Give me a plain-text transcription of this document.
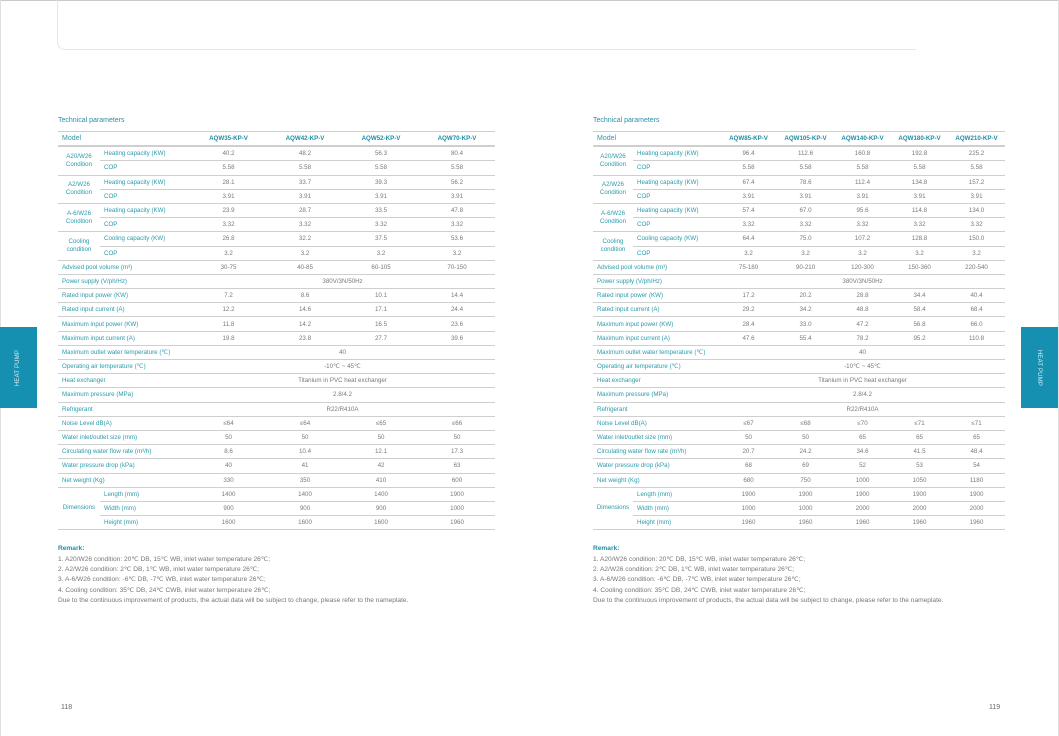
HEAT PUMP	HEAT PUMP
Technical parameters
Model		AQW35-KP-V	AQW42-KP-V	AQW52-KP-V	AQW70-KP-V
A20/W26 Condition	Heating capacity (KW)	40.2	48.2	56.3	80.4
	COP	5.58	5.58	5.58	5.58
A2/W26 Condition	Heating capacity (KW)	28.1	33.7	39.3	56.2
	COP	3.91	3.91	3.91	3.91
A-6/W26 Condition	Heating capacity (KW)	23.9	28.7	33.5	47.8
	COP	3.32	3.32	3.32	3.32
Cooling condition	Cooling capacity (KW)	26.8	32.2	37.5	53.6
	COP	3.2	3.2	3.2	3.2
Advised pool volume (m³)		30-75	40-85	60-105	70-150
Power supply (V/ph/Hz)		380V/3N/50Hz			
Rated input power (KW)		7.2	8.6	10.1	14.4
Rated input current (A)		12.2	14.6	17.1	24.4
Maximum input power (KW)		11.8	14.2	16.5	23.6
Maximum input current (A)		19.8	23.8	27.7	39.6
Maximum outlet water temperature (℃)		40			
Operating air temperature (℃)		-10℃ ~ 45℃			
Heat exchanger		Titanium in PVC heat exchanger			
Maximum pressure (MPa)		2.8/4.2			
Refrigerant		R22/R410A			
Noise Level dB(A)		≤64	≤64	≤65	≤66
Water inlet/outlet size (mm)		50	50	50	50
Circulating water flow rate (m³/h)		8.6	10.4	12.1	17.3
Water pressure drop (kPa)		40	41	42	63
Net weight (Kg)		330	350	410	600
Dimensions	Length (mm)	1400	1400	1400	1900
	Width (mm)	900	900	900	1000
	Height (mm)	1600	1600	1600	1960
Remark:
1. A20/W26 condition: 20℃ DB, 15℃ WB, inlet water temperature 26℃;
2. A2/W26 condition: 2℃ DB, 1℃ WB, inlet water temperature 26℃;
3. A-6/W26 condition: -6℃ DB, -7℃ WB, inlet water temperature 26℃;
4. Cooling condition: 35℃ DB, 24℃ CWB, inlet water temperature 26℃;
Due to the continuous improvement of products, the actual data will be subject to change, please refer to the nameplate.
Technical parameters
Model		AQW85-KP-V	AQW105-KP-V	AQW140-KP-V	AQW180-KP-V	AQW210-KP-V
A20/W26 Condition	Heating capacity (KW)	96.4	112.6	160.8	192.8	225.2
	COP	5.58	5.58	5.58	5.58	5.58
A2/W26 Condition	Heating capacity (KW)	67.4	78.6	112.4	134.8	157.2
	COP	3.91	3.91	3.91	3.91	3.91
A-6/W26 Condition	Heating capacity (KW)	57.4	67.0	95.6	114.8	134.0
	COP	3.32	3.32	3.32	3.32	3.32
Cooling condition	Cooling capacity (KW)	64.4	75.0	107.2	128.8	150.0
	COP	3.2	3.2	3.2	3.2	3.2
Advised pool volume (m³)		75-180	90-210	120-300	150-360	220-540
Power supply (V/ph/Hz)		380V/3N/50Hz				
Rated input power (KW)		17.2	20.2	28.8	34.4	40.4
Rated input current (A)		29.2	34.2	48.8	58.4	68.4
Maximum input power (KW)		28.4	33.0	47.2	56.8	66.0
Maximum input current (A)		47.6	55.4	78.2	95.2	110.8
Maximum outlet water temperature (℃)		40				
Operating air temperature (℃)		-10℃ ~ 45℃				
Heat exchanger		Titanium in PVC heat exchanger				
Maximum pressure (MPa)		2.8/4.2				
Refrigerant		R22/R410A				
Noise Level dB(A)		≤67	≤68	≤70	≤71	≤71
Water inlet/outlet size (mm)		50	50	65	65	65
Circulating water flow rate (m³/h)		20.7	24.2	34.6	41.5	48.4
Water pressure drop (kPa)		68	69	52	53	54
Net weight (Kg)		680	750	1000	1050	1180
Dimensions	Length (mm)	1900	1900	1900	1900	1900
	Width (mm)	1000	1000	2000	2000	2000
	Height (mm)	1960	1960	1960	1960	1960
Remark:
1. A20/W26 condition: 20℃ DB, 15℃ WB, inlet water temperature 26℃;
2. A2/W26 condition: 2℃ DB, 1℃ WB, inlet water temperature 26℃;
3. A-6/W26 condition: -6℃ DB, -7℃ WB, inlet water temperature 26℃;
4. Cooling condition: 35℃ DB, 24℃ CWB, inlet water temperature 26℃;
Due to the continuous improvement of products, the actual data will be subject to change, please refer to the nameplate.
118	119
